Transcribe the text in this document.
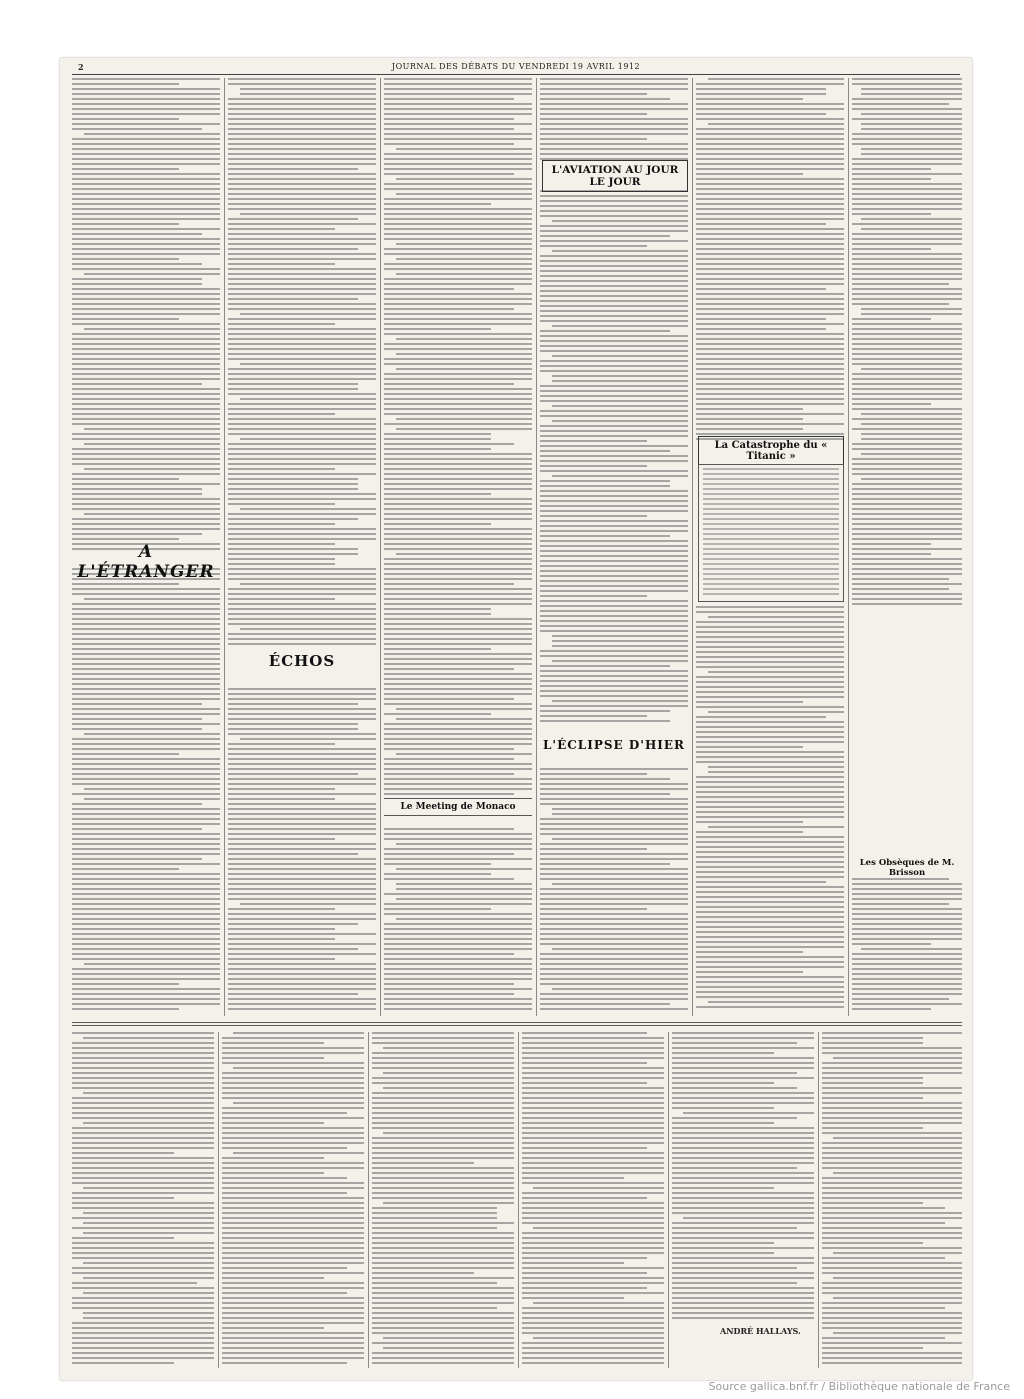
2	JOURNAL DES DÉBATS DU VENDREDI 19 AVRIL 1912
A L'ÉTRANGER
ÉCHOS
Le Meeting de Monaco
L'AVIATION AU JOUR LE JOUR
L'ÉCLIPSE D'HIER
La Catastrophe du « Titanic »
Les Obsèques de M. Brisson
ANDRÉ HALLAYS.
Source gallica.bnf.fr / Bibliothèque nationale de France
